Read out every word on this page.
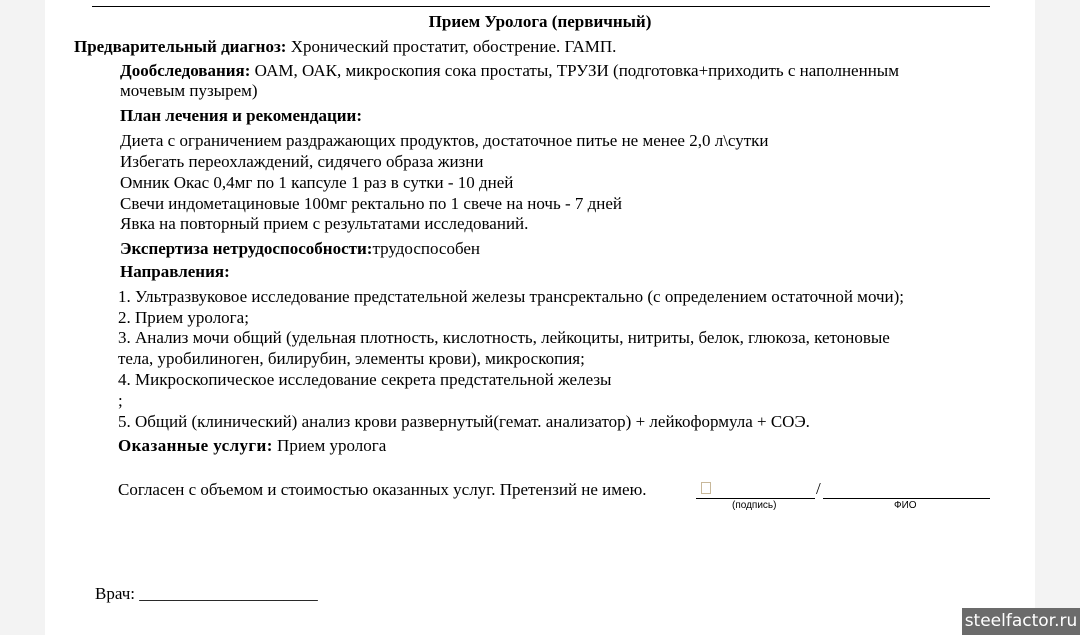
Прием Уролога (первичный)
Предварительный диагноз: Хронический простатит, обострение. ГАМП.
Дообследования: ОАМ, ОАК, микроскопия сока простаты, ТРУЗИ (подготовка+приходить с наполненным
мочевым пузырем)
План лечения и рекомендации:
Диета с ограничением раздражающих продуктов, достаточное питье не менее 2,0 л\сутки
Избегать переохлаждений, сидячего образа жизни
Омник Окас 0,4мг по 1 капсуле 1 раз в сутки - 10 дней
Свечи индометациновые 100мг ректально по 1 свече на ночь - 7 дней
Явка на повторный прием с результатами исследований.
Экспертиза нетрудоспособности:трудоспособен
Направления:
1. Ультразвуковое исследование предстательной железы трансректально (с определением остаточной мочи);
2. Прием уролога;
3. Анализ мочи общий (удельная плотность, кислотность, лейкоциты, нитриты, белок, глюкоза, кетоновые
тела, уробилиноген, билирубин, элементы крови), микроскопия;
4. Микроскопическое исследование секрета предстательной железы
;
5. Общий (клинический) анализ крови развернутый(гемат. анализатор) + лейкоформула + СОЭ.
Оказанные услуги: Прием уролога
Согласен с объемом и стоимостью оказанных услуг. Претензий не имею.	/
(подпись)	ФИО
Врач: _____________________
steelfactor.ru
